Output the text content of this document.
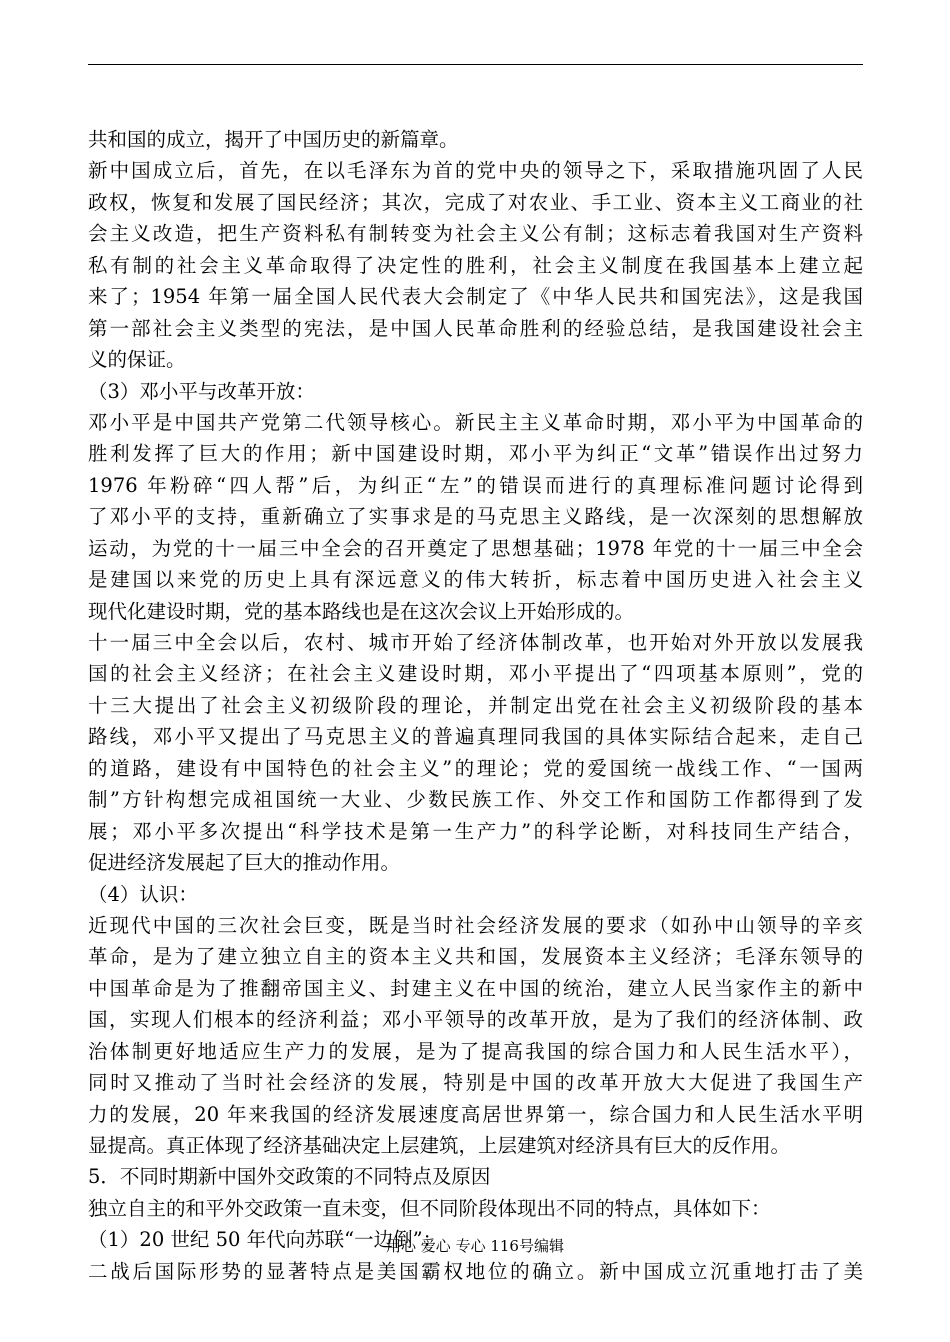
共和国的成立，揭开了中国历史的新篇章。
新中国成立后，首先，在以毛泽东为首的党中央的领导之下，采取措施巩固了人民
政权，恢复和发展了国民经济；其次，完成了对农业、手工业、资本主义工商业的社
会主义改造，把生产资料私有制转变为社会主义公有制；这标志着我国对生产资料
私有制的社会主义革命取得了决定性的胜利，社会主义制度在我国基本上建立起
来了；1954 年第一届全国人民代表大会制定了《中华人民共和国宪法》，这是我国
第一部社会主义类型的宪法，是中国人民革命胜利的经验总结，是我国建设社会主
义的保证。
（3）邓小平与改革开放：
邓小平是中国共产党第二代领导核心。新民主主义革命时期，邓小平为中国革命的
胜利发挥了巨大的作用；新中国建设时期，邓小平为纠正“文革”错误作出过努力
1976 年粉碎“四人帮”后，为纠正“左”的错误而进行的真理标准问题讨论得到
了邓小平的支持，重新确立了实事求是的马克思主义路线，是一次深刻的思想解放
运动，为党的十一届三中全会的召开奠定了思想基础；1978 年党的十一届三中全会
是建国以来党的历史上具有深远意义的伟大转折，标志着中国历史进入社会主义
现代化建设时期，党的基本路线也是在这次会议上开始形成的。
十一届三中全会以后，农村、城市开始了经济体制改革，也开始对外开放以发展我
国的社会主义经济；在社会主义建设时期，邓小平提出了“四项基本原则”，党的
十三大提出了社会主义初级阶段的理论，并制定出党在社会主义初级阶段的基本
路线，邓小平又提出了马克思主义的普遍真理同我国的具体实际结合起来，走自己
的道路，建设有中国特色的社会主义”的理论；党的爱国统一战线工作、“一国两
制”方针构想完成祖国统一大业、少数民族工作、外交工作和国防工作都得到了发
展；邓小平多次提出“科学技术是第一生产力”的科学论断，对科技同生产结合，
促进经济发展起了巨大的推动作用。
（4）认识：
近现代中国的三次社会巨变，既是当时社会经济发展的要求（如孙中山领导的辛亥
革命，是为了建立独立自主的资本主义共和国，发展资本主义经济；毛泽东领导的
中国革命是为了推翻帝国主义、封建主义在中国的统治，建立人民当家作主的新中
国，实现人们根本的经济利益；邓小平领导的改革开放，是为了我们的经济体制、政
治体制更好地适应生产力的发展，是为了提高我国的综合国力和人民生活水平），
同时又推动了当时社会经济的发展，特别是中国的改革开放大大促进了我国生产
力的发展，20 年来我国的经济发展速度高居世界第一，综合国力和人民生活水平明
显提高。真正体现了经济基础决定上层建筑，上层建筑对经济具有巨大的反作用。
5．不同时期新中国外交政策的不同特点及原因
独立自主的和平外交政策一直未变，但不同阶段体现出不同的特点，具体如下：
（1）20 世纪 50 年代向苏联“一边倒”：
二战后国际形势的显著特点是美国霸权地位的确立。新中国成立沉重地打击了美
用心 爱心 专心 116号编辑
